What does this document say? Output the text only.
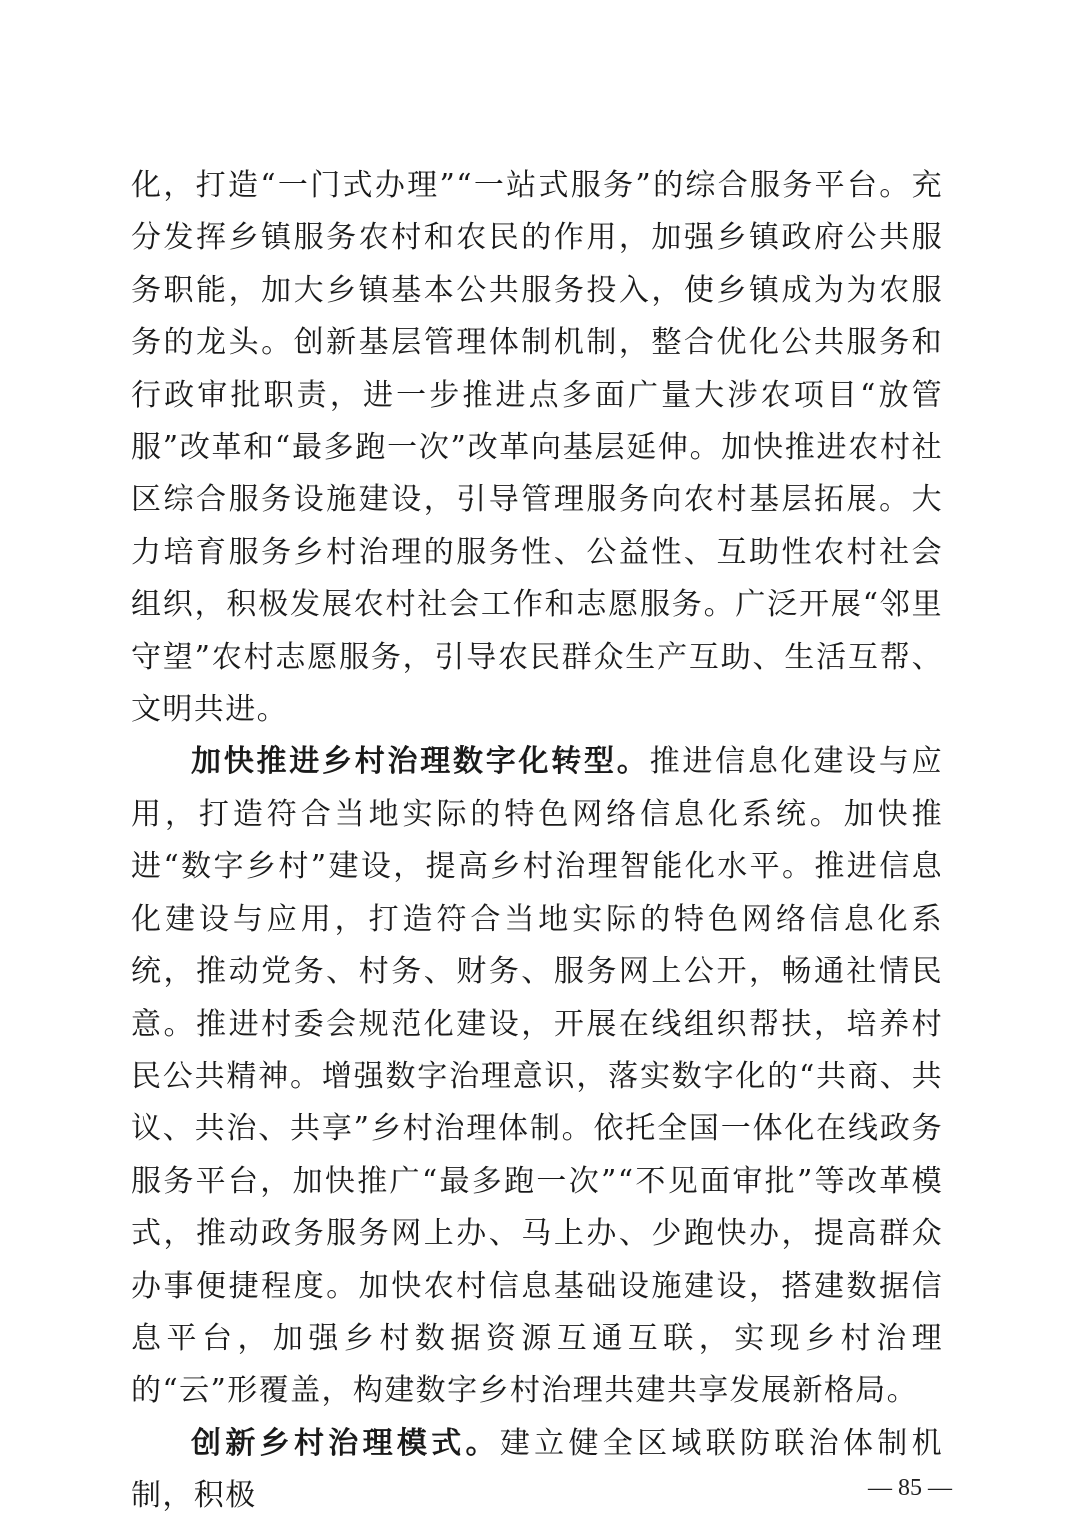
化，打造“一门式办理”“一站式服务”的综合服务平台。充分发挥乡镇服务农村和农民的作用，加强乡镇政府公共服务职能，加大乡镇基本公共服务投入，使乡镇成为为农服务的龙头。创新基层管理体制机制，整合优化公共服务和行政审批职责，进一步推进点多面广量大涉农项目“放管服”改革和“最多跑一次”改革向基层延伸。加快推进农村社区综合服务设施建设，引导管理服务向农村基层拓展。大力培育服务乡村治理的服务性、公益性、互助性农村社会组织，积极发展农村社会工作和志愿服务。广泛开展“邻里守望”农村志愿服务，引导农民群众生产互助、生活互帮、文明共进。

加快推进乡村治理数字化转型。推进信息化建设与应用，打造符合当地实际的特色网络信息化系统。加快推进“数字乡村”建设，提高乡村治理智能化水平。推进信息化建设与应用，打造符合当地实际的特色网络信息化系统，推动党务、村务、财务、服务网上公开，畅通社情民意。推进村委会规范化建设，开展在线组织帮扶，培养村民公共精神。增强数字治理意识，落实数字化的“共商、共议、共治、共享”乡村治理体制。依托全国一体化在线政务服务平台，加快推广“最多跑一次”“不见面审批”等改革模式，推动政务服务网上办、马上办、少跑快办，提高群众办事便捷程度。加快农村信息基础设施建设，搭建数据信息平台，加强乡村数据资源互通互联，实现乡村治理的“云”形覆盖，构建数字乡村治理共建共享发展新格局。

创新乡村治理模式。建立健全区域联防联治体制机制，积极	— 85 —
